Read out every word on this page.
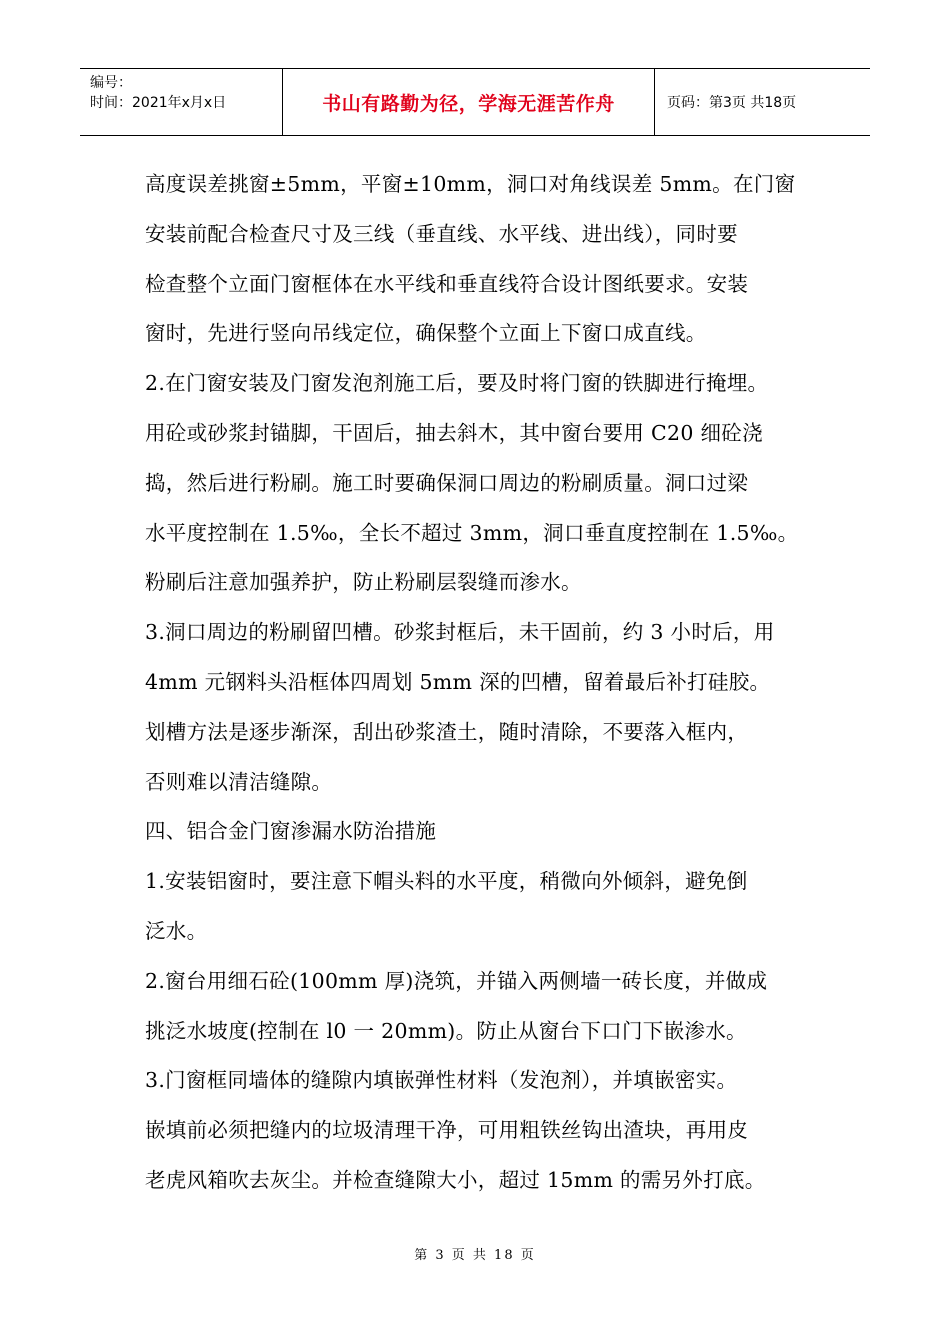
编号：
时间：2021年x月x日	书山有路勤为径，学海无涯苦作舟	页码：第3页 共18页
高度误差挑窗±5mm，平窗±10mm，洞口对角线误差 5mm。在门窗
安装前配合检查尺寸及三线（垂直线、水平线、进出线），同时要
检查整个立面门窗框体在水平线和垂直线符合设计图纸要求。安装
窗时，先进行竖向吊线定位，确保整个立面上下窗口成直线。
2.在门窗安装及门窗发泡剂施工后，要及时将门窗的铁脚进行掩埋。
用砼或砂浆封锚脚，干固后，抽去斜木，其中窗台要用 C20 细砼浇
捣，然后进行粉刷。施工时要确保洞口周边的粉刷质量。洞口过梁
水平度控制在 1.5‰，全长不超过 3mm，洞口垂直度控制在 1.5‰。
粉刷后注意加强养护，防止粉刷层裂缝而渗水。
3.洞口周边的粉刷留凹槽。砂浆封框后，未干固前，约 3 小时后，用
4mm 元钢料头沿框体四周划 5mm 深的凹槽，留着最后补打硅胶。
划槽方法是逐步渐深，刮出砂浆渣土，随时清除，不要落入框内，
否则难以清洁缝隙。
四、铝合金门窗渗漏水防治措施
1.安装铝窗时，要注意下帽头料的水平度，稍微向外倾斜，避免倒
泛水。
2.窗台用细石砼(100mm 厚)浇筑，并锚入两侧墙一砖长度，并做成
挑泛水坡度(控制在 l0 一 20mm)。防止从窗台下口门下嵌渗水。
3.门窗框同墙体的缝隙内填嵌弹性材料（发泡剂），并填嵌密实。
嵌填前必须把缝内的垃圾清理干净，可用粗铁丝钩出渣块，再用皮
老虎风箱吹去灰尘。并检查缝隙大小，超过 15mm 的需另外打底。
第 3 页 共 18 页
